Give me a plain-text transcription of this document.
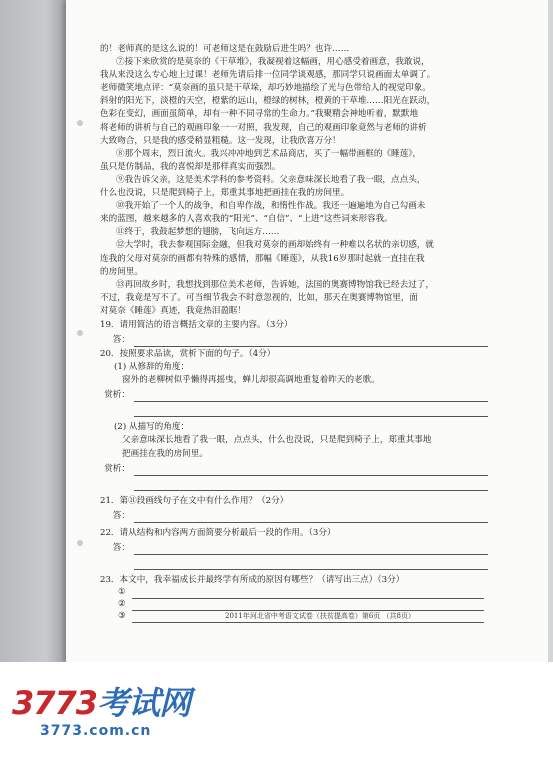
的！老师真的是这么说的！可老师这是在鼓励后进生吗？也许……
⑦接下来欣赏的是莫奈的《干草堆》，我凝视着这幅画，用心感受着画意，我敢说，
我从来没这么专心地上过课！老师先请后排一位同学谈观感，那同学只说画面太单调了。
老师微笑地点评：“莫奈画的虽只是干草垛，却巧妙地描绘了光与色带给人的视觉印象。
斜射的阳光下，淡橙的天空，橙紫的远山，橙绿的树林，橙黄的干草堆……阳光在跃动，
色彩在变幻，画面虽简单，却有一种不同寻常的生命力。”我聚精会神地听着，默默地
将老师的讲析与自己的观画印象一一对照，我发现，自己的观画印象竟然与老师的讲析
大致吻合，只是我的感受稍显粗糙。这一发现，让我欣喜万分！
⑧那个周末，烈日流火。我兴冲冲地到艺术品商店，买了一幅带画框的《睡莲》，
虽只是仿制品，我的喜悦却是那样真实而强烈。
⑨我告诉父亲，这是美术学科的参考资料。父亲意味深长地看了我一眼，点点头，
什么也没说，只是爬到椅子上，郑重其事地把画挂在我的房间里。
⑩我开始了一个人的战争，和自卑作战，和惰性作战。我还一遍遍地为自己勾画未
来的蓝图，越来越多的人喜欢我的“阳光”、“自信”、“上进”这些词来形容我。
⑪终于，我鼓起梦想的翅膀，飞向远方……
⑫大学时，我去参观国际金融，但我对莫奈的画却始终有一种难以名状的亲切感，就
连我的父母对莫奈的画都有特殊的感情，那幅《睡莲》，从我16岁那时起就一直挂在我
的房间里。
⑬再回故乡时，我想找到那位美术老师，告诉她，法国的奥赛博物馆我已经去过了，
不过，我竟是写不了。可当细节我会不时意忽视的，比如，那天在奥赛博物馆里，面
对莫奈《睡莲》真迹，我竟热泪盈眶！
19．请用简洁的语言概括文章的主要内容。（3分）
答：
20．按照要求品读，赏析下面的句子。（4分）
(1) 从修辞的角度：
窗外的老柳树似乎懒得再摇曳，蝉儿却很高调地重复着昨天的老歌。
赏析：
(2) 从描写的角度：
父亲意味深长地看了我一眼，点点头，什么也没说，只是爬到椅子上，郑重其事地
把画挂在我的房间里。
赏析：
21．第⑪段画线句子在文中有什么作用？（2分）
答：
22．请从结构和内容两方面简要分析最后一段的作用。（3分）
答：
23．本文中，我幸福成长并最终学有所成的原因有哪些？（请写出三点）（3分）
①
②
③	2011年河北省中考语文试卷（扶贫提高卷）第6页 （共8页）
3773考试网
3773.com.cn
